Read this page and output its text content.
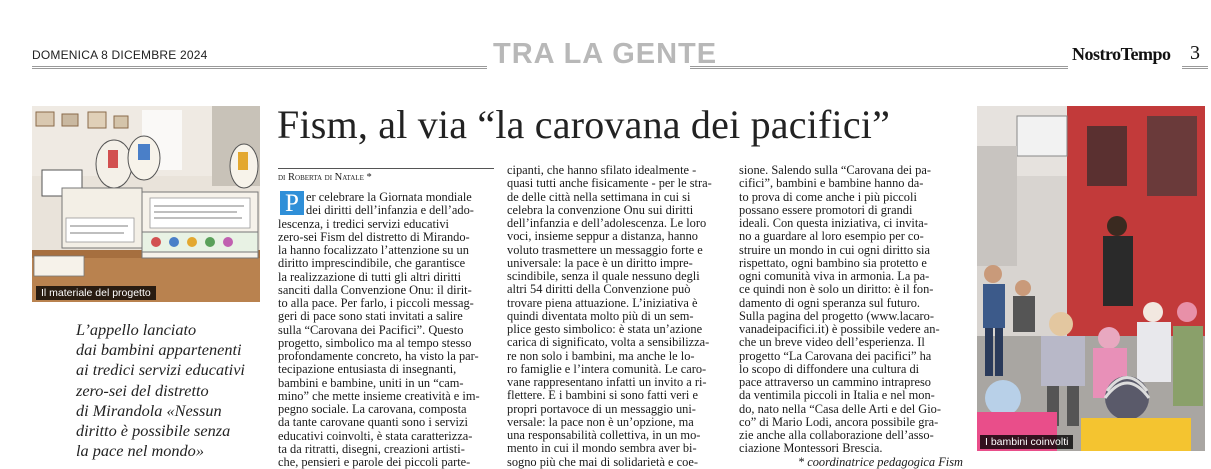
DOMENICA 8 DICEMBRE 2024	TRA LA GENTE	NostroTempo 3
Il materiale del progetto
L’appello lanciato
dai bambini appartenenti
ai tredici servizi educativi
zero-sei del distretto
di Mirandola «Nessun
diritto è possibile senza
la pace nel mondo»
Fism, al via “la carovana dei pacifici”
di Roberta di Natale *
P er celebrare la Giornata mondiale
dei diritti dell’infanzia e dell’ado-
lescenza, i tredici servizi educativi
zero-sei Fism del distretto di Mirando-
la hanno focalizzato l’attenzione su un
diritto imprescindibile, che garantisce
la realizzazione di tutti gli altri diritti
sanciti dalla Convenzione Onu: il dirit-
to alla pace. Per farlo, i piccoli messag-
geri di pace sono stati invitati a salire
sulla “Carovana dei Pacifici”. Questo
progetto, simbolico ma al tempo stesso
profondamente concreto, ha visto la par-
tecipazione entusiasta di insegnanti,
bambini e bambine, uniti in un “cam-
mino” che mette insieme creatività e im-
pegno sociale. La carovana, composta
da tante carovane quanti sono i servizi
educativi coinvolti, è stata caratterizza-
ta da ritratti, disegni, creazioni artisti-
che, pensieri e parole dei piccoli parte-
cipanti, che hanno sfilato idealmente -
quasi tutti anche fisicamente - per le stra-
de delle città nella settimana in cui si
celebra la convenzione Onu sui diritti
dell’infanzia e dell’adolescenza. Le loro
voci, insieme seppur a distanza, hanno
voluto trasmettere un messaggio forte e
universale: la pace è un diritto impre-
scindibile, senza il quale nessuno degli
altri 54 diritti della Convenzione può
trovare piena attuazione. L’iniziativa è
quindi diventata molto più di un sem-
plice gesto simbolico: è stata un’azione
carica di significato, volta a sensibilizza-
re non solo i bambini, ma anche le lo-
ro famiglie e l’intera comunità. Le caro-
vane rappresentano infatti un invito a ri-
flettere. E i bambini si sono fatti veri e
propri portavoce di un messaggio uni-
versale: la pace non è un’opzione, ma
una responsabilità collettiva, in un mo-
mento in cui il mondo sembra aver bi-
sogno più che mai di solidarietà e coe-
sione. Salendo sulla “Carovana dei pa-
cifici”, bambini e bambine hanno da-
to prova di come anche i più piccoli
possano essere promotori di grandi
ideali. Con questa iniziativa, ci invita-
no a guardare al loro esempio per co-
struire un mondo in cui ogni diritto sia
rispettato, ogni bambino sia protetto e
ogni comunità viva in armonia. La pa-
ce quindi non è solo un diritto: è il fon-
damento di ogni speranza sul futuro.
Sulla pagina del progetto (www.lacaro-
vanadeipacifici.it) è possibile vedere an-
che un breve video dell’esperienza. Il
progetto “La Carovana dei pacifici” ha
lo scopo di diffondere una cultura di
pace attraverso un cammino intrapreso
da ventimila piccoli in Italia e nel mon-
do, nato nella “Casa delle Arti e del Gio-
co” di Mario Lodi, ancora possibile gra-
zie anche alla collaborazione dell’asso-
ciazione Montessori Brescia.
* coordinatrice pedagogica Fism
I bambini coinvolti
